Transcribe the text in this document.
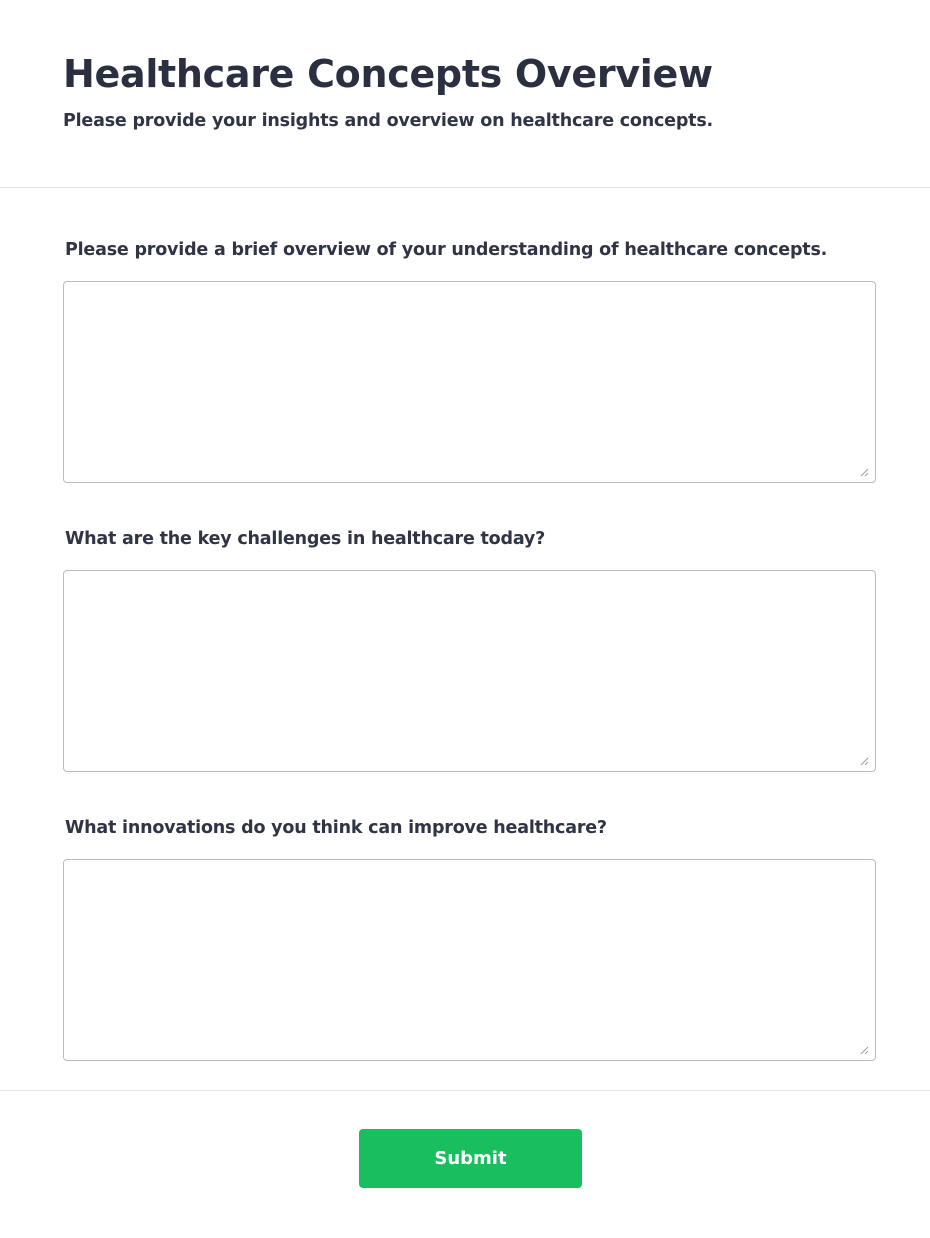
Healthcare Concepts Overview

Please provide your insights and overview on healthcare concepts.

Please provide a brief overview of your understanding of healthcare concepts.
What are the key challenges in healthcare today?
What innovations do you think can improve healthcare?
Submit
